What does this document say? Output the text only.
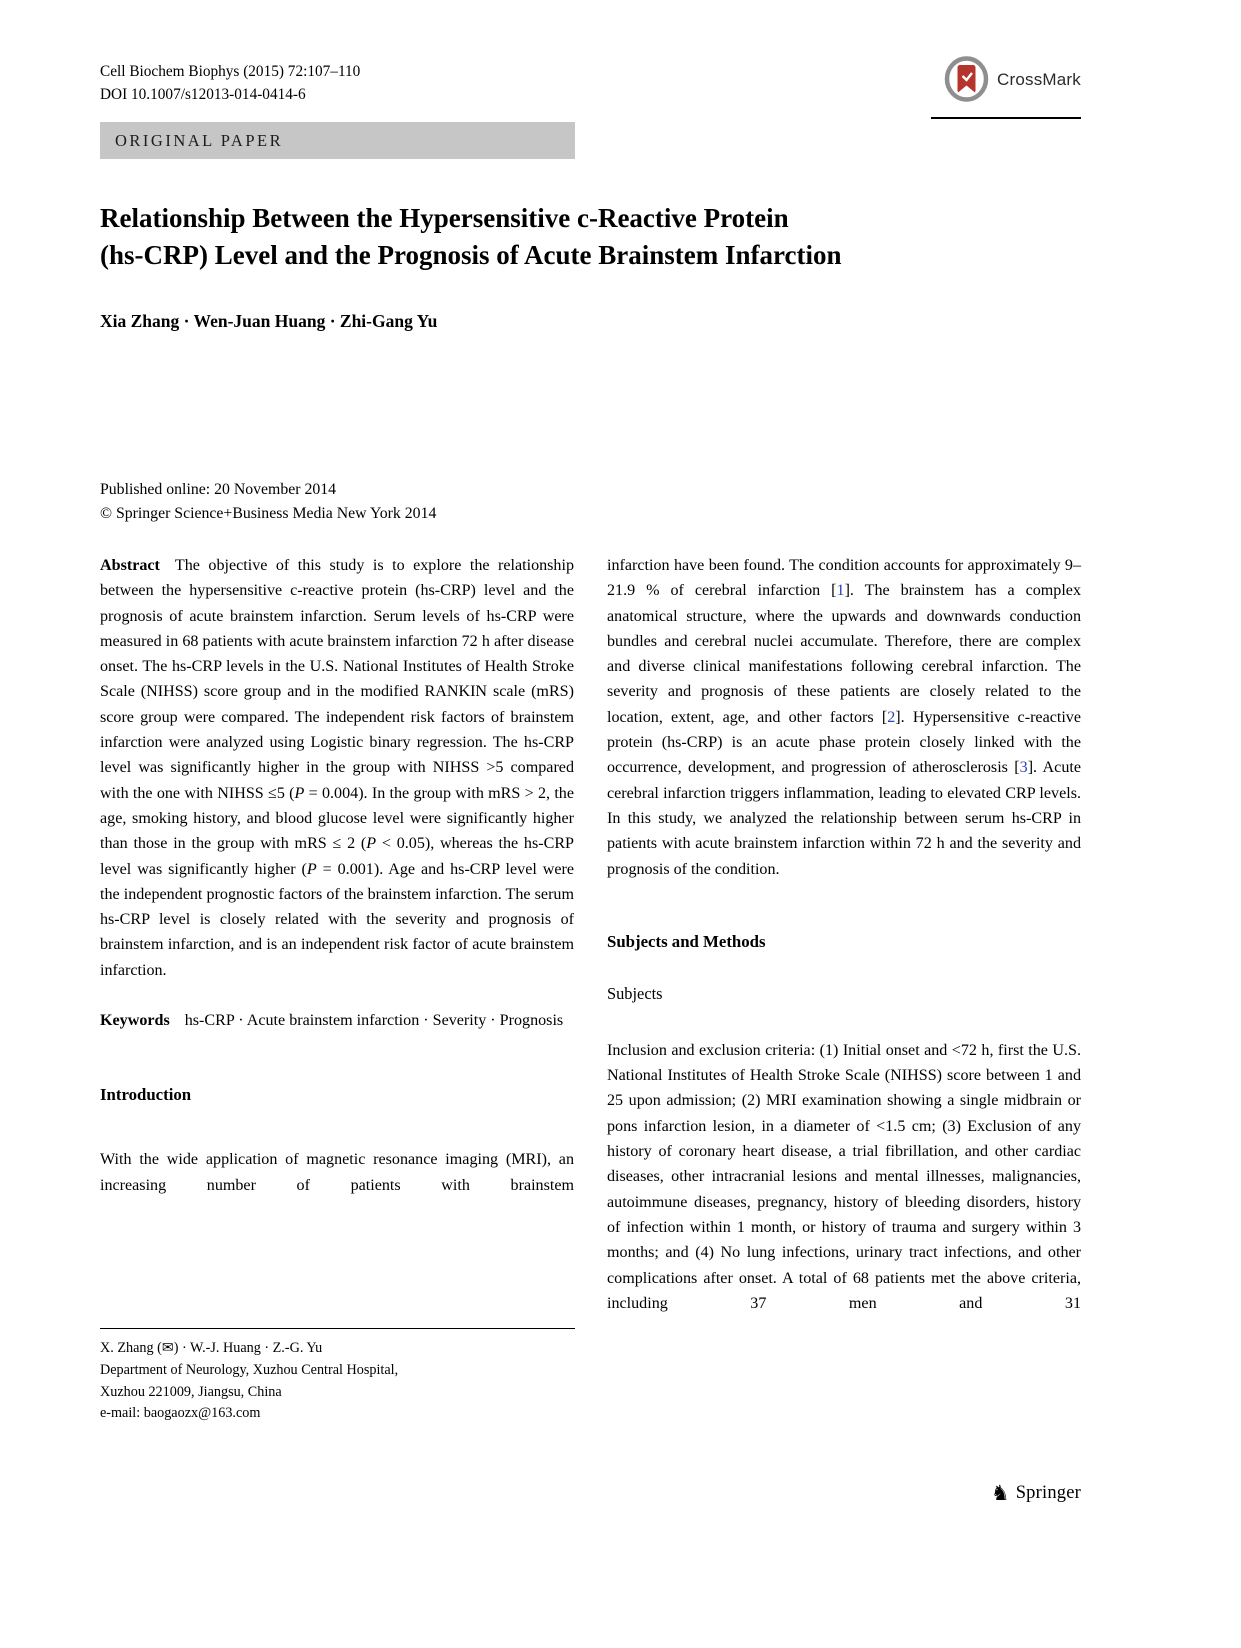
Cell Biochem Biophys (2015) 72:107–110
DOI 10.1007/s12013-014-0414-6
CrossMark
ORIGINAL PAPER
Relationship Between the Hypersensitive c-Reactive Protein
(hs-CRP) Level and the Prognosis of Acute Brainstem Infarction
Xia Zhang · Wen-Juan Huang · Zhi-Gang Yu
Published online: 20 November 2014
© Springer Science+Business Media New York 2014

Abstract The objective of this study is to explore the relationship between the hypersensitive c-reactive protein (hs-CRP) level and the prognosis of acute brainstem infarction. Serum levels of hs-CRP were measured in 68 patients with acute brainstem infarction 72 h after disease onset. The hs-CRP levels in the U.S. National Institutes of Health Stroke Scale (NIHSS) score group and in the modified RANKIN scale (mRS) score group were compared. The independent risk factors of brainstem infarction were analyzed using Logistic binary regression. The hs-CRP level was significantly higher in the group with NIHSS >5 compared with the one with NIHSS ≤5 (P = 0.004). In the group with mRS > 2, the age, smoking history, and blood glucose level were significantly higher than those in the group with mRS ≤ 2 (P < 0.05), whereas the hs-CRP level was significantly higher (P = 0.001). Age and hs-CRP level were the independent prognostic factors of the brainstem infarction. The serum hs-CRP level is closely related with the severity and prognosis of brainstem infarction, and is an independent risk factor of acute brainstem infarction.

Keywords hs-CRP · Acute brainstem infarction · Severity · Prognosis

Introduction

With the wide application of magnetic resonance imaging (MRI), an increasing number of patients with brainstem

infarction have been found. The condition accounts for approximately 9–21.9 % of cerebral infarction [1]. The brainstem has a complex anatomical structure, where the upwards and downwards conduction bundles and cerebral nuclei accumulate. Therefore, there are complex and diverse clinical manifestations following cerebral infarction. The severity and prognosis of these patients are closely related to the location, extent, age, and other factors [2]. Hypersensitive c-reactive protein (hs-CRP) is an acute phase protein closely linked with the occurrence, development, and progression of atherosclerosis [3]. Acute cerebral infarction triggers inflammation, leading to elevated CRP levels. In this study, we analyzed the relationship between serum hs-CRP in patients with acute brainstem infarction within 72 h and the severity and prognosis of the condition.

Subjects and Methods
Subjects

Inclusion and exclusion criteria: (1) Initial onset and <72 h, first the U.S. National Institutes of Health Stroke Scale (NIHSS) score between 1 and 25 upon admission; (2) MRI examination showing a single midbrain or pons infarction lesion, in a diameter of <1.5 cm; (3) Exclusion of any history of coronary heart disease, a trial fibrillation, and other cardiac diseases, other intracranial lesions and mental illnesses, malignancies, autoimmune diseases, pregnancy, history of bleeding disorders, history of infection within 1 month, or history of trauma and surgery within 3 months; and (4) No lung infections, urinary tract infections, and other complications after onset. A total of 68 patients met the above criteria, including 37 men and 31

X. Zhang (✉) · W.-J. Huang · Z.-G. Yu
Department of Neurology, Xuzhou Central Hospital,
Xuzhou 221009, Jiangsu, China
e-mail: baogaozx@163.com
♞ Springer
